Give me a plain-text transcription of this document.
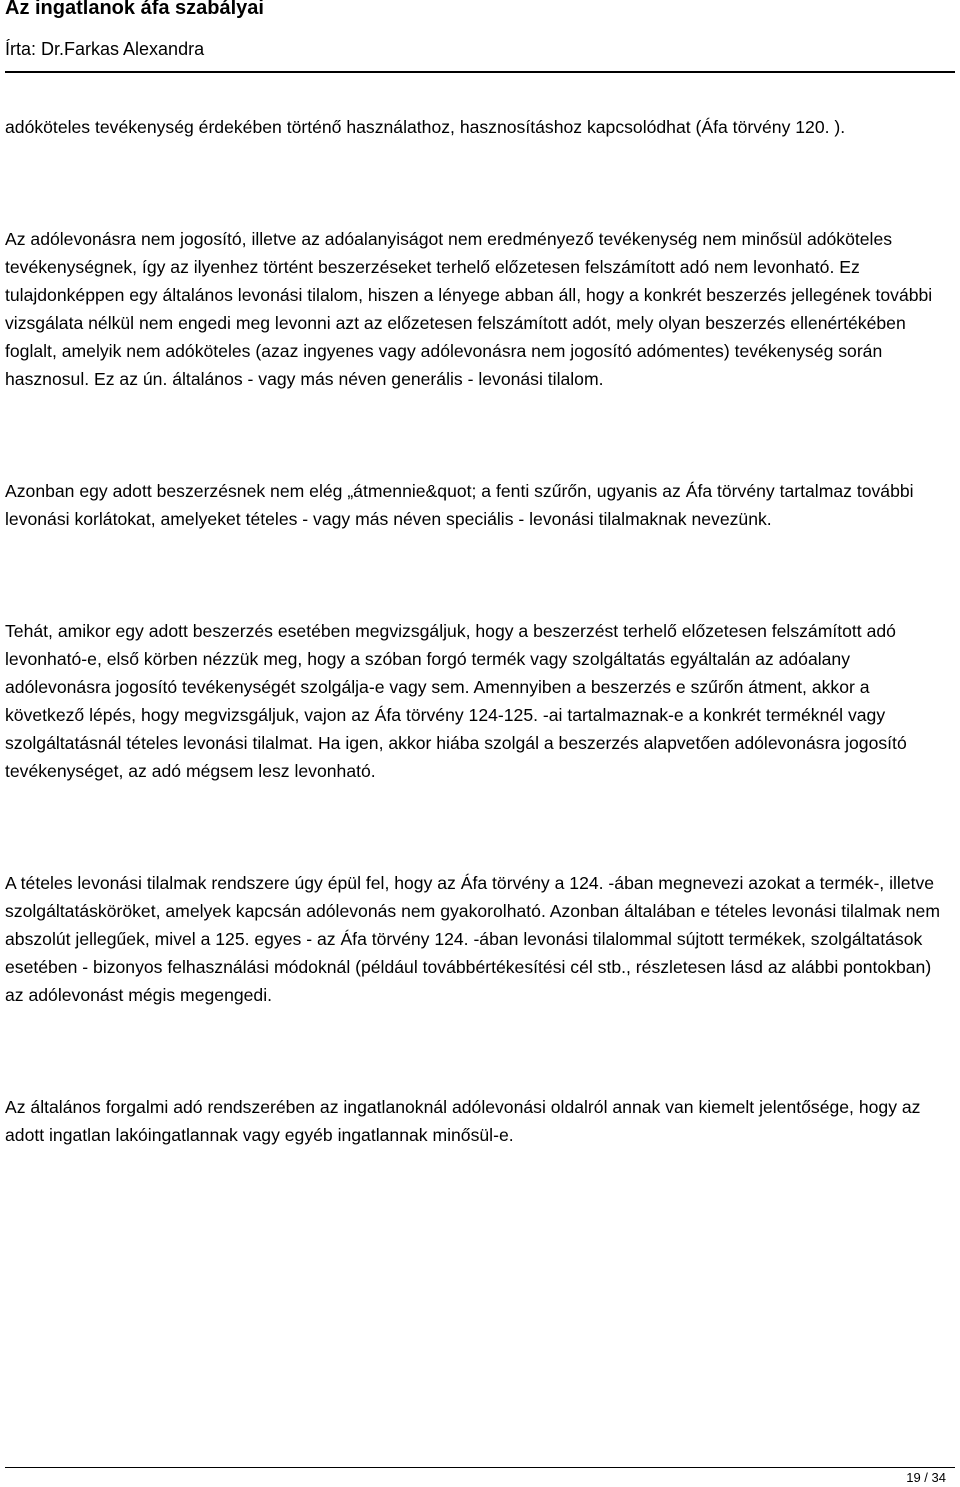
Az ingatlanok áfa szabályai
Írta: Dr.Farkas Alexandra

adóköteles tevékenység érdekében történő használathoz, hasznosításhoz kapcsolódhat (Áfa törvény 120. ).

Az adólevonásra nem jogosító, illetve az adóalanyiságot nem eredményező tevékenység nem minősül adóköteles tevékenységnek, így az ilyenhez történt beszerzéseket terhelő előzetesen felszámított adó nem levonható. Ez tulajdonképpen egy általános levonási tilalom, hiszen a lényege abban áll, hogy a konkrét beszerzés jellegének további vizsgálata nélkül nem engedi meg levonni azt az előzetesen felszámított adót, mely olyan beszerzés ellenértékében foglalt, amelyik nem adóköteles (azaz ingyenes vagy adólevonásra nem jogosító adómentes) tevékenység során hasznosul. Ez az ún. általános - vagy más néven generális - levonási tilalom.

Azonban egy adott beszerzésnek nem elég „átmennie&quot; a fenti szűrőn, ugyanis az Áfa törvény tartalmaz további levonási korlátokat, amelyeket tételes - vagy más néven speciális - levonási tilalmaknak nevezünk.

Tehát, amikor egy adott beszerzés esetében megvizsgáljuk, hogy a beszerzést terhelő előzetesen felszámított adó levonható-e, első körben nézzük meg, hogy a szóban forgó termék vagy szolgáltatás egyáltalán az adóalany adólevonásra jogosító tevékenységét szolgálja-e vagy sem. Amennyiben a beszerzés e szűrőn átment, akkor a következő lépés, hogy megvizsgáljuk, vajon az Áfa törvény 124-125. -ai tartalmaznak-e a konkrét terméknél vagy szolgáltatásnál tételes levonási tilalmat. Ha igen, akkor hiába szolgál a beszerzés alapvetően adólevonásra jogosító tevékenységet, az adó mégsem lesz levonható.

A tételes levonási tilalmak rendszere úgy épül fel, hogy az Áfa törvény a 124. -ában megnevezi azokat a termék-, illetve szolgáltatásköröket, amelyek kapcsán adólevonás nem gyakorolható. Azonban általában e tételes levonási tilalmak nem abszolút jellegűek, mivel a 125. egyes - az Áfa törvény 124. -ában levonási tilalommal sújtott termékek, szolgáltatások esetében - bizonyos felhasználási módoknál (például továbbértékesítési cél stb., részletesen lásd az alábbi pontokban) az adólevonást mégis megengedi.

Az általános forgalmi adó rendszerében az ingatlanoknál adólevonási oldalról annak van kiemelt jelentősége, hogy az adott ingatlan lakóingatlannak vagy egyéb ingatlannak minősül-e.

19 / 34
